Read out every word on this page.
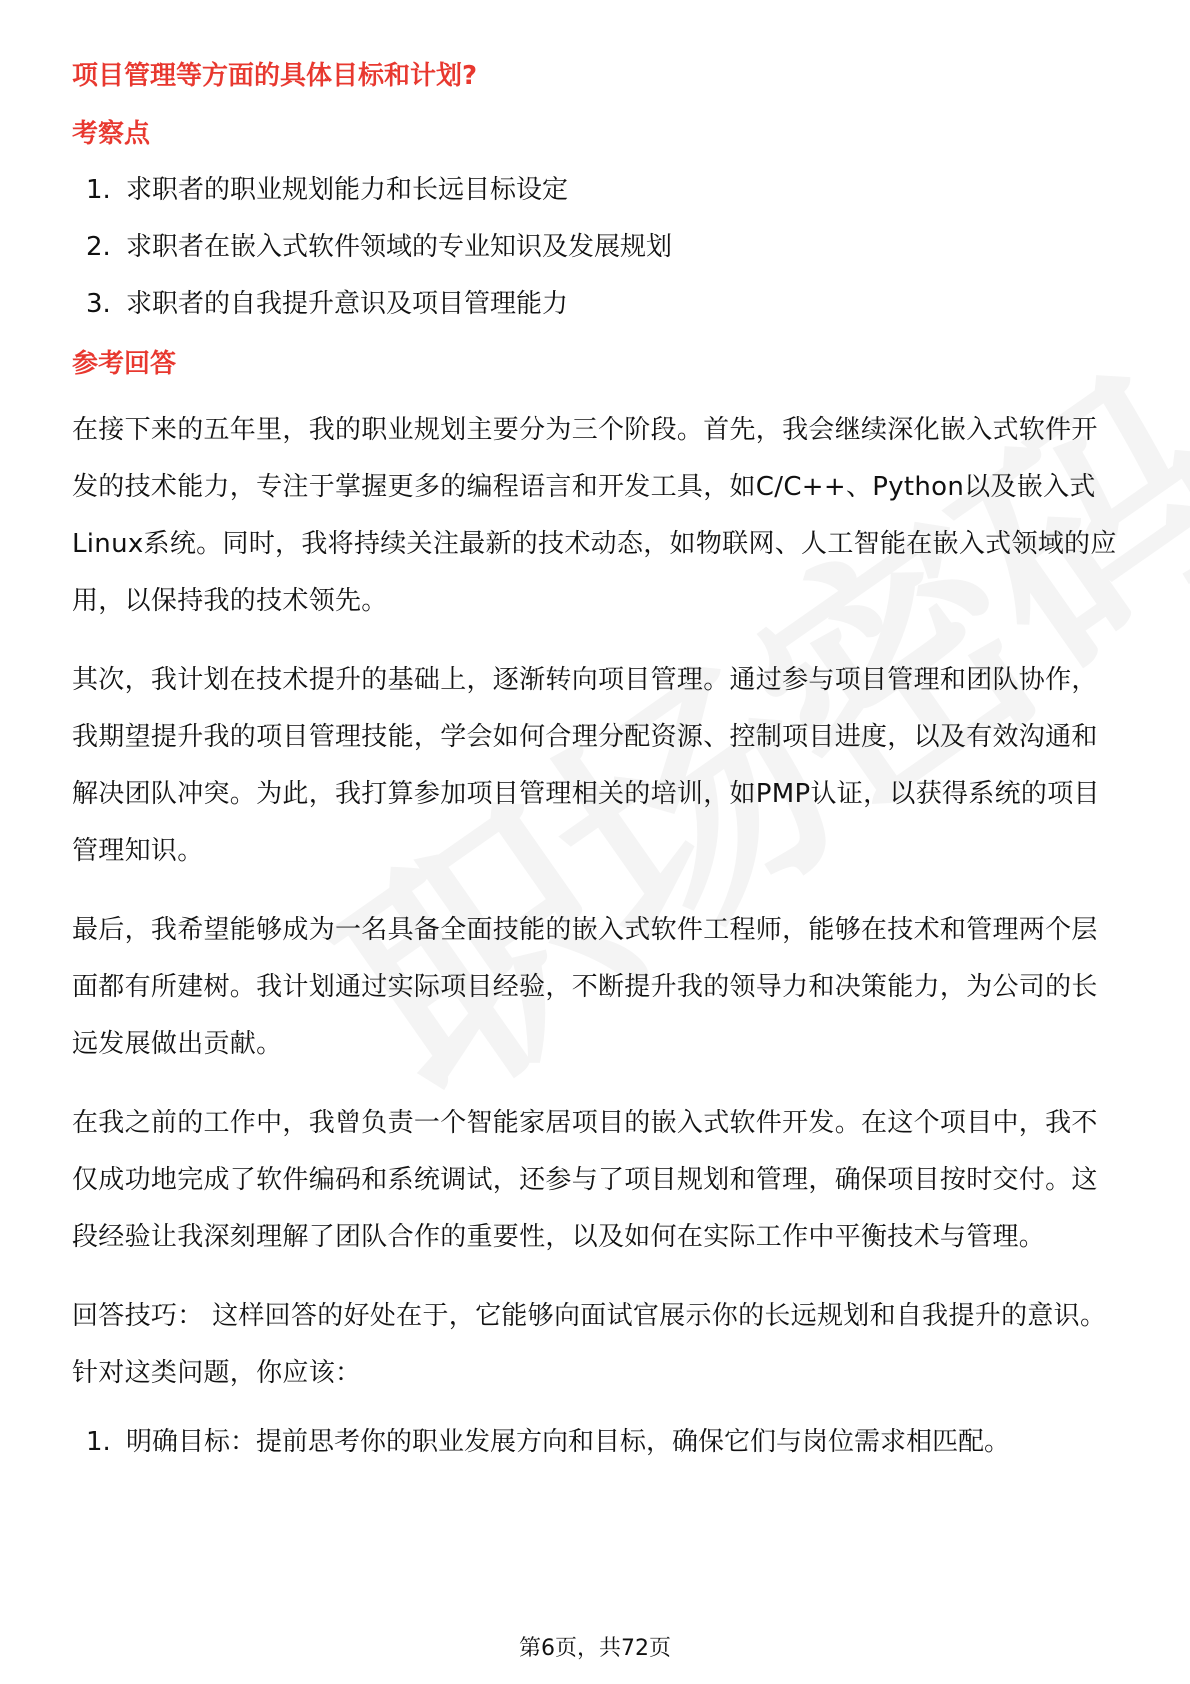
项目管理等方面的具体目标和计划?
考察点
1. 求职者的职业规划能力和长远目标设定
2. 求职者在嵌入式软件领域的专业知识及发展规划
3. 求职者的自我提升意识及项目管理能力
参考回答

在接下来的五年里，我的职业规划主要分为三个阶段。首先，我会继续深化嵌入式软件开发的技术能力，专注于掌握更多的编程语言和开发工具，如C/C++、Python以及嵌入式Linux系统。同时，我将持续关注最新的技术动态，如物联网、人工智能在嵌入式领域的应用，以保持我的技术领先。

其次，我计划在技术提升的基础上，逐渐转向项目管理。通过参与项目管理和团队协作，我期望提升我的项目管理技能，学会如何合理分配资源、控制项目进度，以及有效沟通和解决团队冲突。为此，我打算参加项目管理相关的培训，如PMP认证，以获得系统的项目管理知识。

最后，我希望能够成为一名具备全面技能的嵌入式软件工程师，能够在技术和管理两个层面都有所建树。我计划通过实际项目经验，不断提升我的领导力和决策能力，为公司的长远发展做出贡献。

在我之前的工作中，我曾负责一个智能家居项目的嵌入式软件开发。在这个项目中，我不仅成功地完成了软件编码和系统调试，还参与了项目规划和管理，确保项目按时交付。这段经验让我深刻理解了团队合作的重要性，以及如何在实际工作中平衡技术与管理。

回答技巧： 这样回答的好处在于，它能够向面试官展示你的长远规划和自我提升的意识。针对这类问题，你应该：

1. 明确目标：提前思考你的职业发展方向和目标，确保它们与岗位需求相匹配。
第6页，共72页
